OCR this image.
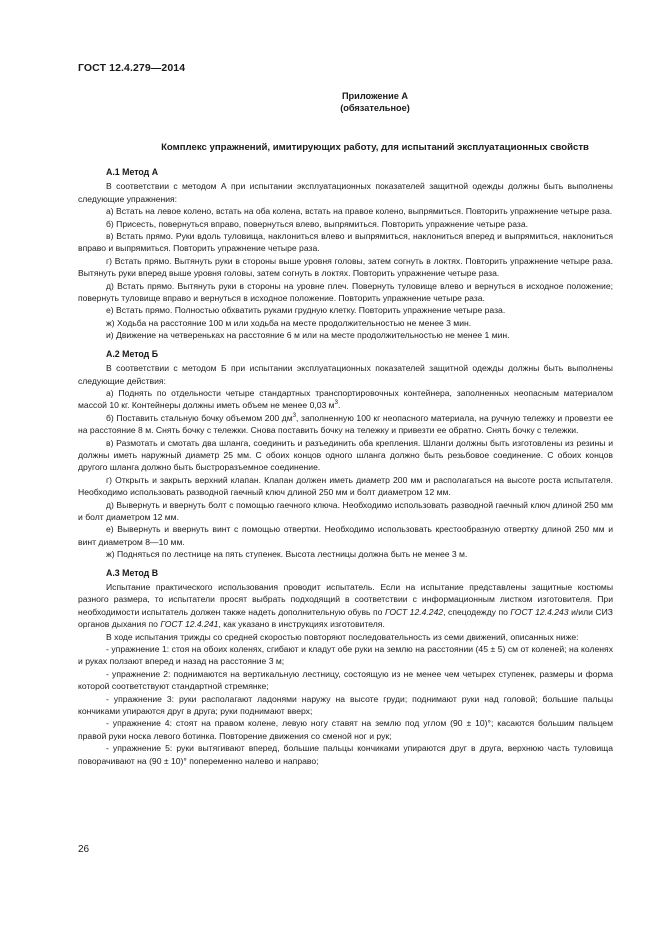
ГОСТ 12.4.279—2014
Приложение А
(обязательное)
Комплекс упражнений, имитирующих работу, для испытаний эксплуатационных свойств
А.1 Метод А

В соответствии с методом А при испытании эксплуатационных показателей защитной одежды должны быть выполнены следующие упражнения:

а) Встать на левое колено, встать на оба колена, встать на правое колено, выпрямиться. Повторить упражнение четыре раза.

б) Присесть, повернуться вправо, повернуться влево, выпрямиться. Повторить упражнение четыре раза.

в) Встать прямо. Руки вдоль туловища, наклониться влево и выпрямиться, наклониться вперед и выпрямиться, наклониться вправо и выпрямиться. Повторить упражнение четыре раза.

г) Встать прямо. Вытянуть руки в стороны выше уровня головы, затем согнуть в локтях. Повторить упражнение четыре раза. Вытянуть руки вперед выше уровня головы, затем согнуть в локтях. Повторить упражнение четыре раза.

д) Встать прямо. Вытянуть руки в стороны на уровне плеч. Повернуть туловище влево и вернуться в исходное положение; повернуть туловище вправо и вернуться в исходное положение. Повторить упражнение четыре раза.

е) Встать прямо. Полностью обхватить руками грудную клетку. Повторить упражнение четыре раза.

ж) Ходьба на расстояние 100 м или ходьба на месте продолжительностью не менее 3 мин.

и) Движение на четвереньках на расстояние 6 м или на месте продолжительностью не менее 1 мин.

А.2 Метод Б

В соответствии с методом Б при испытании эксплуатационных показателей защитной одежды должны быть выполнены следующие действия:

а) Поднять по отдельности четыре стандартных транспортировочных контейнера, заполненных неопасным материалом массой 10 кг. Контейнеры должны иметь объем не менее 0,03 $м^3$.

б) Поставить стальную бочку объемом 200 $дм^3$, заполненную 100 кг неопасного материала, на ручную тележку и провезти ее на расстояние 8 м. Снять бочку с тележки. Снова поставить бочку на тележку и привезти ее обратно. Снять бочку с тележки.

в) Размотать и смотать два шланга, соединить и разъединить оба крепления. Шланги должны быть изготовлены из резины и должны иметь наружный диаметр 25 мм. С обоих концов одного шланга должно быть резьбовое соединение. С обоих концов другого шланга должно быть быстроразъемное соединение.

г) Открыть и закрыть верхний клапан. Клапан должен иметь диаметр 200 мм и располагаться на высоте роста испытателя. Необходимо использовать разводной гаечный ключ длиной 250 мм и болт диаметром 12 мм.

д) Вывернуть и ввернуть болт с помощью гаечного ключа. Необходимо использовать разводной гаечный ключ длиной 250 мм и болт диаметром 12 мм.

е) Вывернуть и ввернуть винт с помощью отвертки. Необходимо использовать крестообразную отвертку длиной 250 мм и винт диаметром 8—10 мм.

ж) Подняться по лестнице на пять ступенек. Высота лестницы должна быть не менее 3 м.

А.3 Метод В

Испытание практического использования проводит испытатель. Если на испытание представлены защитные костюмы разного размера, то испытатели просят выбрать подходящий в соответствии с информационным листком изготовителя. При необходимости испытатель должен также надеть дополнительную обувь по ГОСТ 12.4.242, спецодежду по ГОСТ 12.4.243 и/или СИЗ органов дыхания по ГОСТ 12.4.241, как указано в инструкциях изготовителя.

В ходе испытания трижды со средней скоростью повторяют последовательность из семи движений, описанных ниже:

- упражнение 1: стоя на обоих коленях, сгибают и кладут обе руки на землю на расстоянии (45 ± 5) см от коленей; на коленях и руках ползают вперед и назад на расстояние 3 м;

- упражнение 2: поднимаются на вертикальную лестницу, состоящую из не менее чем четырех ступенек, размеры и форма которой соответствуют стандартной стремянке;

- упражнение 3: руки располагают ладонями наружу на высоте груди; поднимают руки над головой; большие пальцы кончиками упираются друг в друга; руки поднимают вверх;

- упражнение 4: стоят на правом колене, левую ногу ставят на землю под углом (90 ± 10)°; касаются большим пальцем правой руки носка левого ботинка. Повторение движения со сменой ног и рук;

- упражнение 5: руки вытягивают вперед, большие пальцы кончиками упираются друг в друга, верхнюю часть туловища поворачивают на (90 ± 10)° попеременно налево и направо;

26
